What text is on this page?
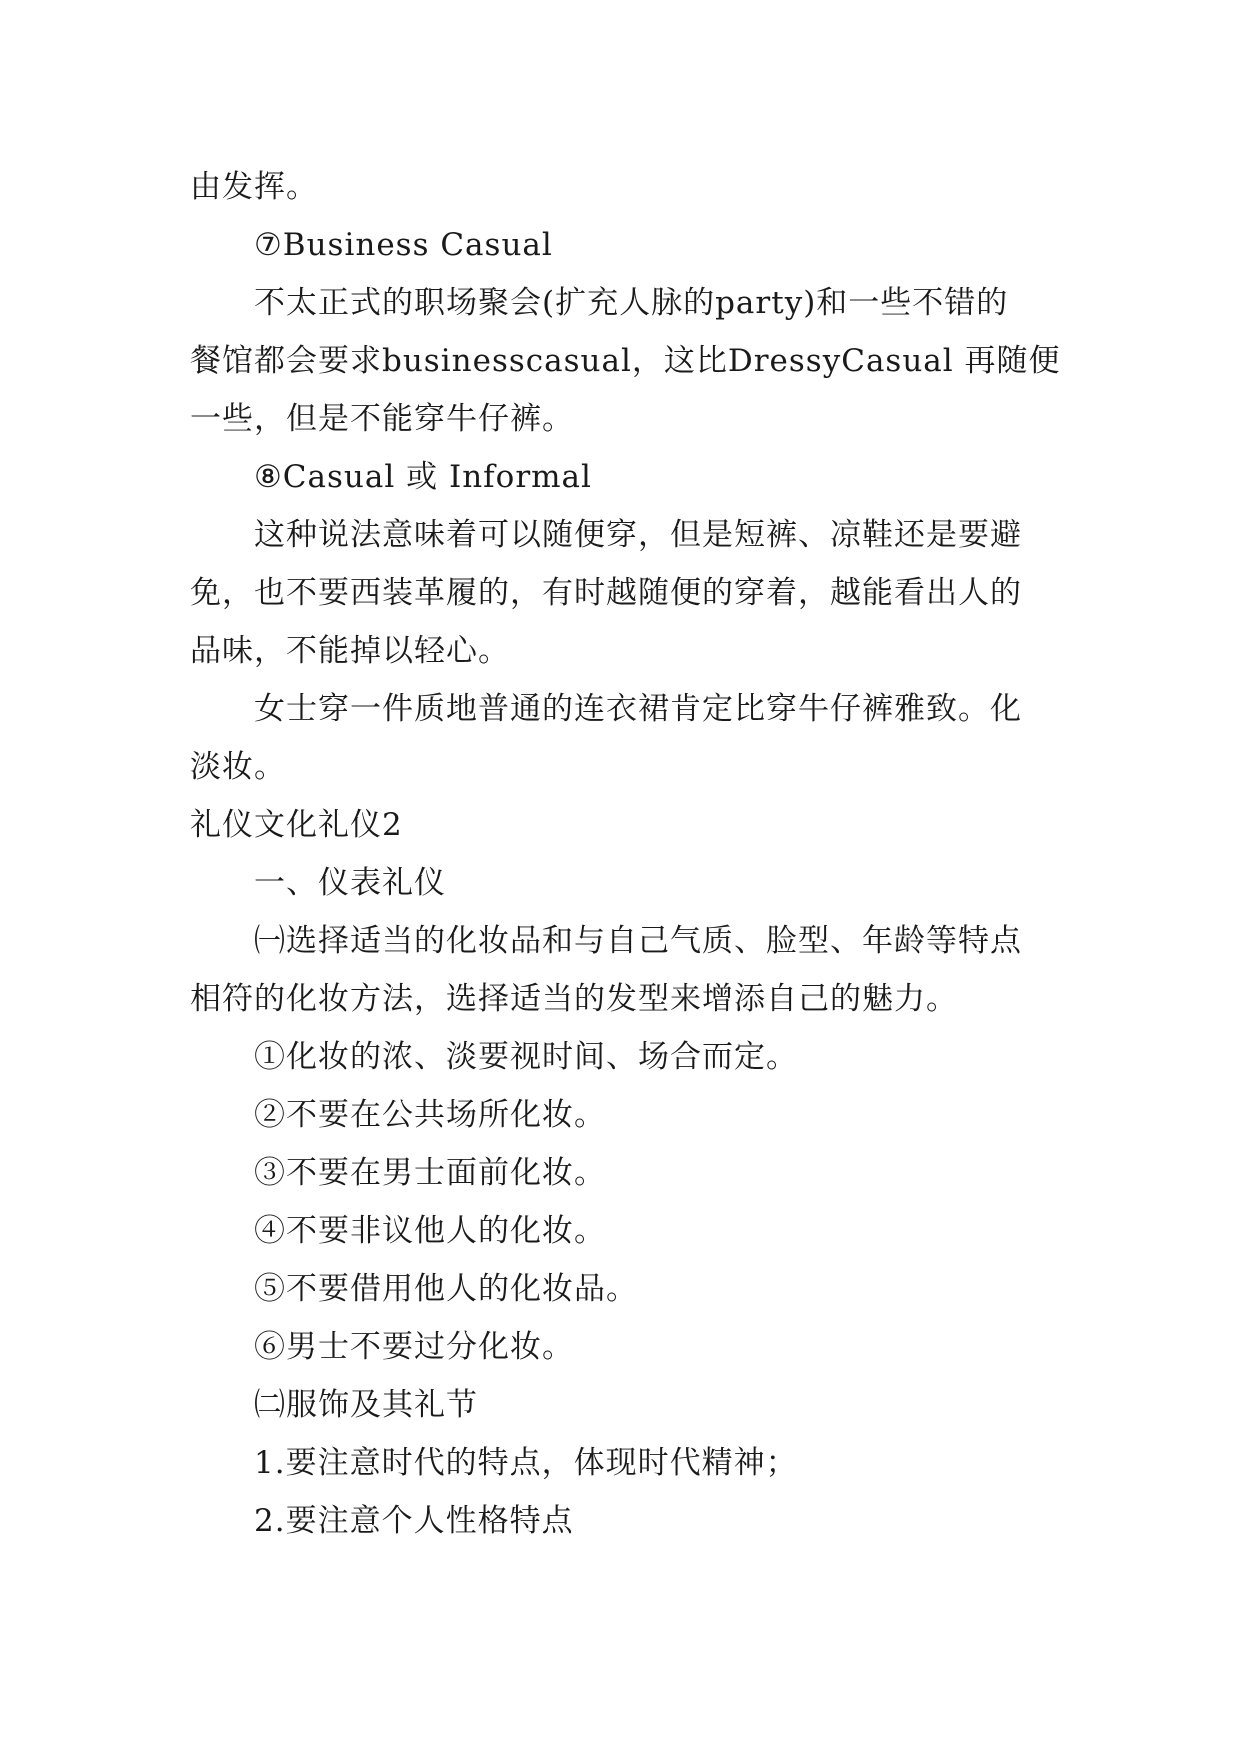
由发挥。
⑦Business Casual
不太正式的职场聚会(扩充人脉的party)和一些不错的
餐馆都会要求businesscasual，这比DressyCasual 再随便
一些，但是不能穿牛仔裤。
⑧Casual 或 Informal
这种说法意味着可以随便穿，但是短裤、凉鞋还是要避
免，也不要西装革履的，有时越随便的穿着，越能看出人的
品味，不能掉以轻心。
女士穿一件质地普通的连衣裙肯定比穿牛仔裤雅致。化
淡妆。
礼仪文化礼仪2
一、仪表礼仪
㈠选择适当的化妆品和与自己气质、脸型、年龄等特点
相符的化妆方法，选择适当的发型来增添自己的魅力。
①化妆的浓、淡要视时间、场合而定。
②不要在公共场所化妆。
③不要在男士面前化妆。
④不要非议他人的化妆。
⑤不要借用他人的化妆品。
⑥男士不要过分化妆。
㈡服饰及其礼节
1.要注意时代的特点，体现时代精神；
2.要注意个人性格特点
